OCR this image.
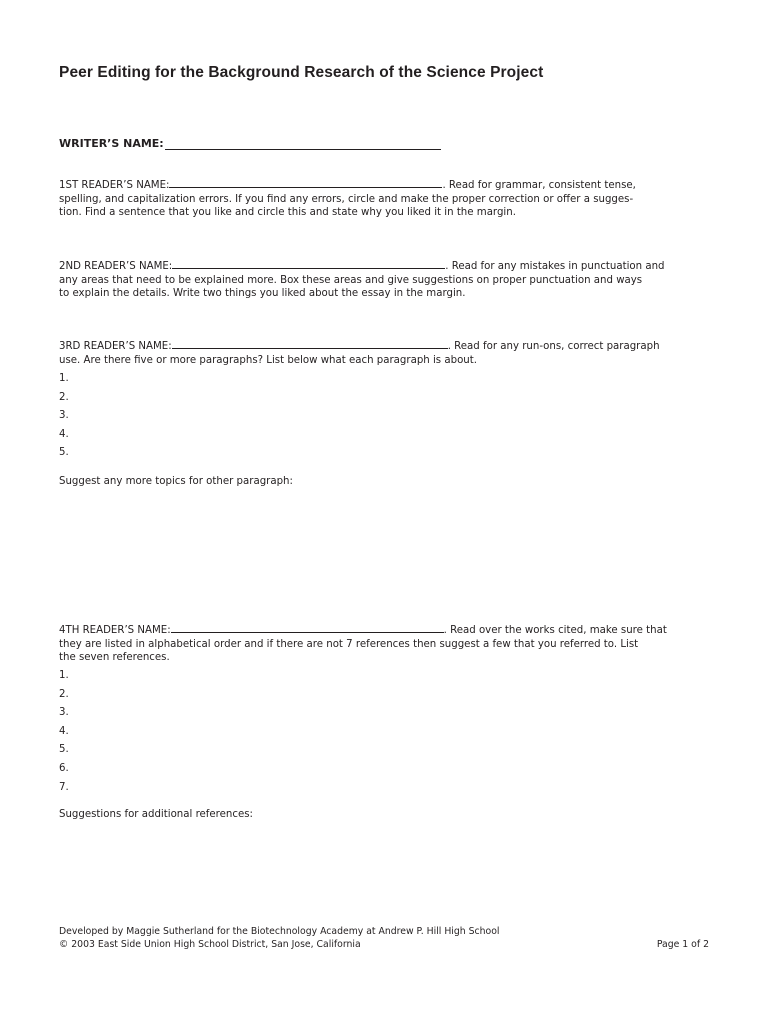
Peer Editing for the Background Research of the Science Project
WRITER’S NAME:

1ST READER’S NAME:	. Read for grammar, consistent tense,

spelling, and capitalization errors. If you find any errors, circle and make the proper correction or offer a sugges-

tion. Find a sentence that you like and circle this and state why you liked it in the margin.

2ND READER’S NAME:	. Read for any mistakes in punctuation and

any areas that need to be explained more. Box these areas and give suggestions on proper punctuation and ways

to explain the details. Write two things you liked about the essay in the margin.

3RD READER’S NAME:	. Read for any run-ons, correct paragraph

use. Are there five or more paragraphs? List below what each paragraph is about.

1.
2.
3.
4.
5.
Suggest any more topics for other paragraph:

4TH READER’S NAME:	. Read over the works cited, make sure that

they are listed in alphabetical order and if there are not 7 references then suggest a few that you referred to. List

the seven references.

1.
2.
3.
4.
5.
6.
7.
Suggestions for additional references:
Developed by Maggie Sutherland for the Biotechnology Academy at Andrew P. Hill High School
© 2003 East Side Union High School District, San Jose, California	Page 1 of 2
